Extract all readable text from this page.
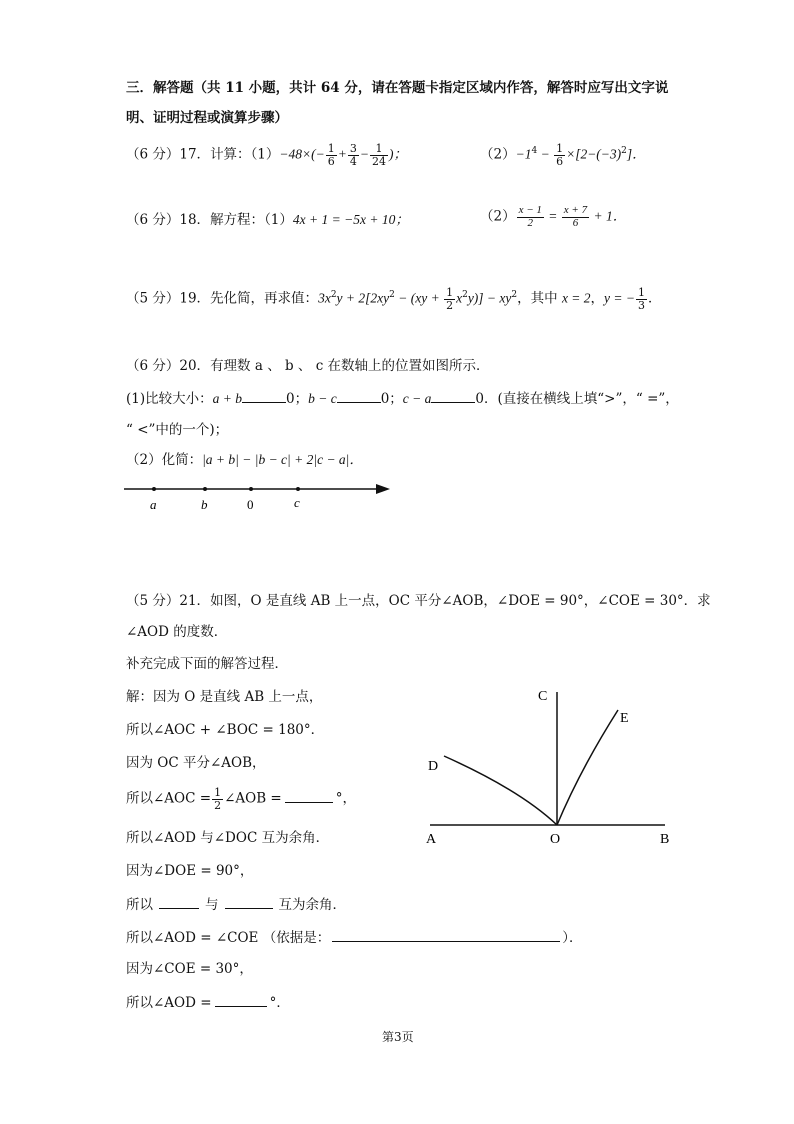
三．解答题（共 11 小题，共计 64 分，请在答题卡指定区域内作答，解答时应写出文字说
明、证明过程或演算步骤）
（6 分）17．计算：$(1)-48\times(- \frac{1}{6} + \frac{3}{4} - \frac{1}{24}$ )；	$(2)-1^4 - \frac{1}{6} \times[2-(-3)^2]$．
（6 分）18．解方程：（1）4x + 1 = −5x + 10；	$(2) \frac{x - 1}{2} = \frac{x + 7}{6} + 1$．
（5 分）19．先化简，再求值：$3x^2y + 2[2xy^2 - (xy + \frac{1}{2} x^2y)] - xy^2$，其中 x = 2，y = − $\frac{1}{3}$ ．
（6 分）20．有理数 a 、 b 、 c 在数轴上的位置如图所示．
(1)比较大小：a + b	0；b − c	0；c − a	0．(直接在横线上填“>”，“ =”，
“ <”中的一个)；
（2）化简：|a + b| − |b − c| + 2|c − a|．
a	b	0	c
（5 分）21．如图，O 是直线 AB 上一点，OC 平分∠AOB，∠DOE = 90°，∠COE = 30°．求
∠AOD 的度数．
补充完成下面的解答过程．
解：因为 O 是直线 AB 上一点，
所以∠AOC + ∠BOC = 180°．
因为 OC 平分∠AOB，
所以∠AOC = $\frac{1}{2}$ ∠AOB =	°，
所以∠AOD 与∠DOC 互为余角．
因为∠DOE = 90°，
所以	与	互为余角．
所以∠AOD = ∠COE （依据是：	）．
因为∠COE = 30°，
所以∠AOD =	°．
C
E
D
A	O	B
第3页
